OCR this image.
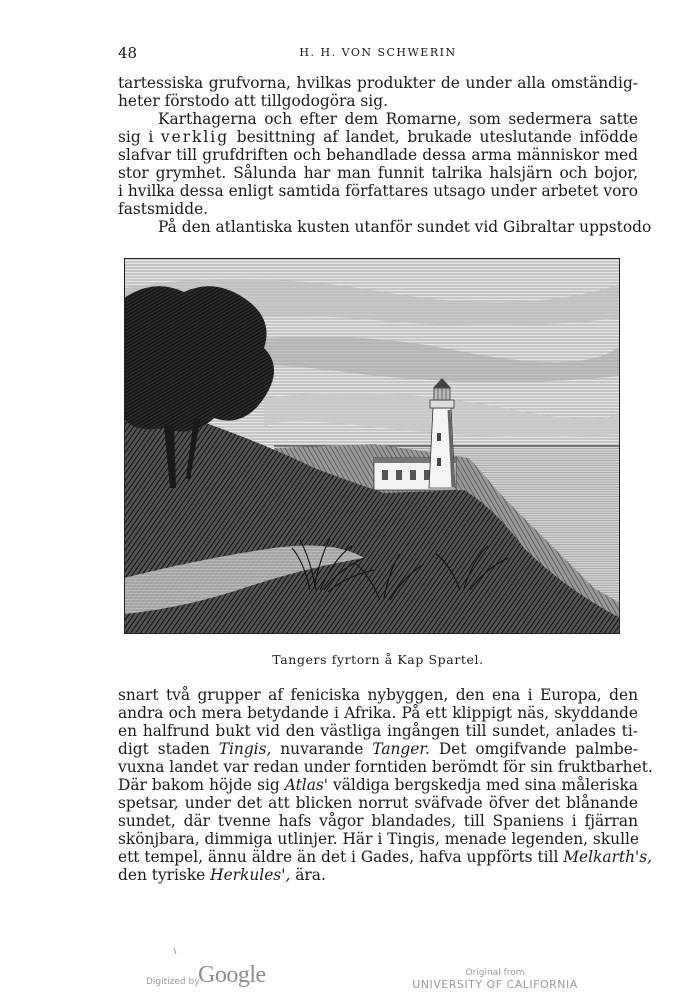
48	H. H. VON SCHWERIN
tartessiska grufvorna, hvilkas produkter de under alla omständig-
heter förstodo att tillgodogöra sig.
Karthagerna och efter dem Romarne, som sedermera satte
sig i verklig besittning af landet, brukade uteslutande infödde
slafvar till grufdriften och behandlade dessa arma människor med
stor grymhet. Sålunda har man funnit talrika halsjärn och bojor,
i hvilka dessa enligt samtida författares utsago under arbetet voro
fastsmidde.
På den atlantiska kusten utanför sundet vid Gibraltar uppstodo
Tangers fyrtorn å Kap Spartel.
snart två grupper af feniciska nybyggen, den ena i Europa, den
andra och mera betydande i Afrika. På ett klippigt näs, skyddande
en halfrund bukt vid den västliga ingången till sundet, anlades ti-
digt staden Tingis, nuvarande Tanger. Det omgifvande palmbe-
vuxna landet var redan under forntiden berömdt för sin fruktbarhet.
Där bakom höjde sig Atlas' väldiga bergskedja med sina måleriska
spetsar, under det att blicken norrut sväfvade öfver det blånande
sundet, där tvenne hafs vågor blandades, till Spaniens i fjärran
skönjbara, dimmiga utlinjer. Här i Tingis, menade legenden, skulle
ett tempel, ännu äldre än det i Gades, hafva uppförts till Melkarth's,
den tyriske Herkules', ära.
Digitized by
Google	Original from
UNIVERSITY OF CALIFORNIA
